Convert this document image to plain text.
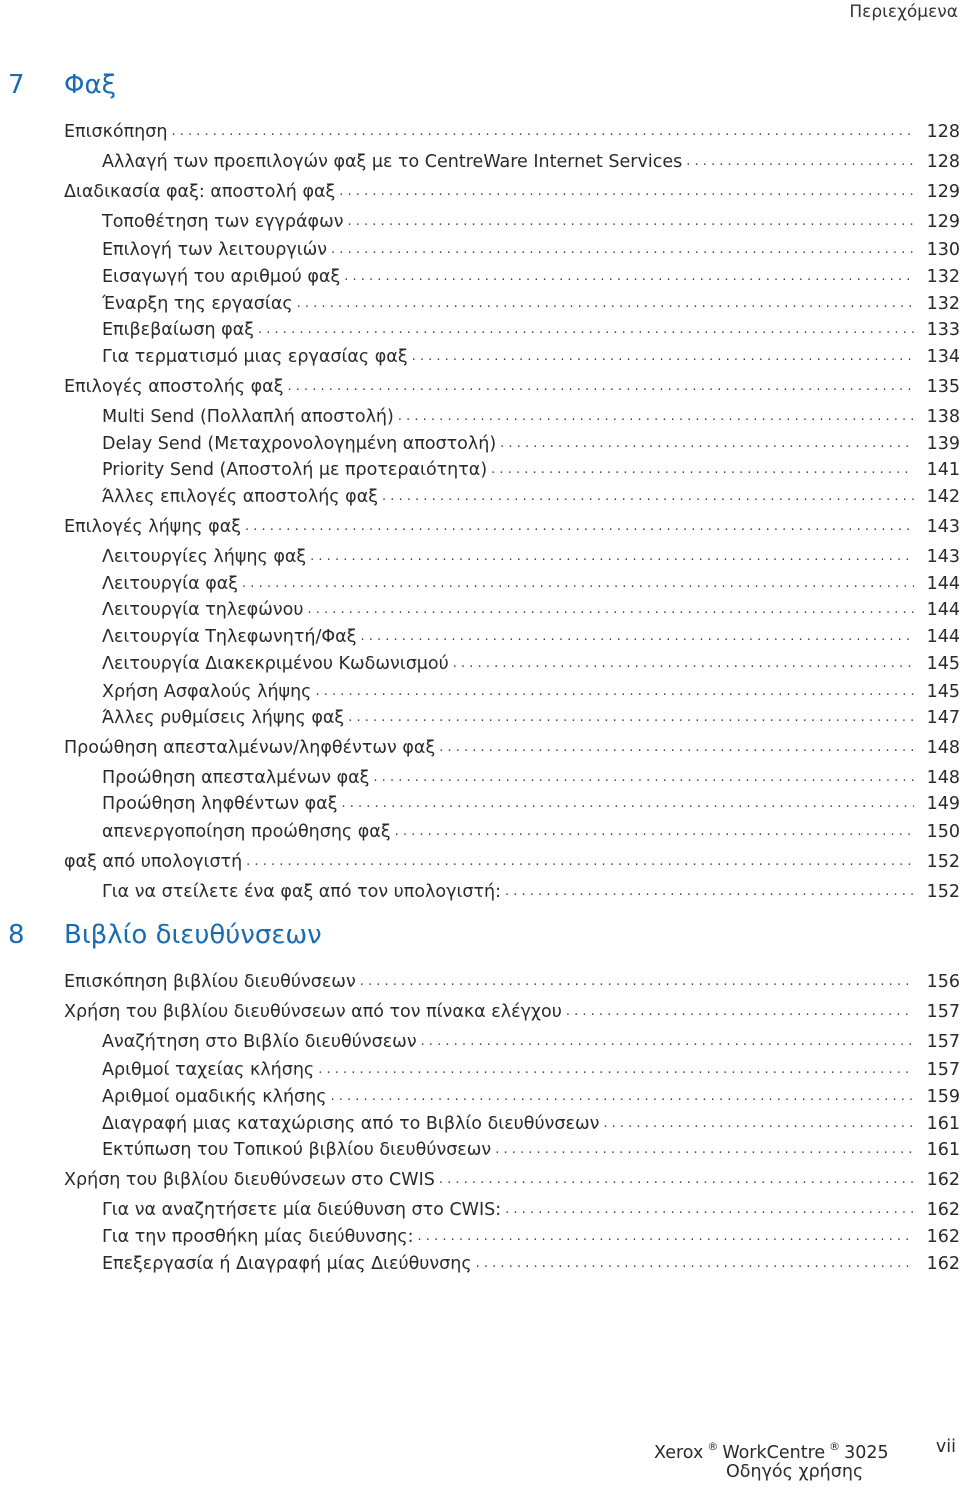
Περιεχόμενα
7 Φαξ
Επισκόπηση . . .	128
Αλλαγή των προεπιλογών φαξ με το CentreWare Internet Services . . .	128
Διαδικασία φαξ: αποστολή φαξ . . .	129
Τοποθέτηση των εγγράφων . . .	129
Επιλογή των λειτουργιών . . .	130
Εισαγωγή του αριθμού φαξ . . .	132
Έναρξη της εργασίας . . .	132
Επιβεβαίωση φαξ . . .	133
Για τερματισμό μιας εργασίας φαξ . . .	134
Επιλογές αποστολής φαξ . . .	135
Multi Send (Πολλαπλή αποστολή) . . .	138
Delay Send (Μεταχρονολογημένη αποστολή) . . .	139
Priority Send (Αποστολή με προτεραιότητα) . . .	141
Άλλες επιλογές αποστολής φαξ . . .	142
Επιλογές λήψης φαξ . . .	143
Λειτουργίες λήψης φαξ . . .	143
Λειτουργία φαξ . . .	144
Λειτουργία τηλεφώνου . . .	144
Λειτουργία Τηλεφωνητή/Φαξ . . .	144
Λειτουργία Διακεκριμένου Κωδωνισμού . . .	145
Χρήση Ασφαλούς λήψης . . .	145
Άλλες ρυθμίσεις λήψης φαξ . . .	147
Προώθηση απεσταλμένων/ληφθέντων φαξ . . .	148
Προώθηση απεσταλμένων φαξ . . .	148
Προώθηση ληφθέντων φαξ . . .	149
απενεργοποίηση προώθησης φαξ . . .	150
φαξ από υπολογιστή . . .	152
Για να στείλετε ένα φαξ από τον υπολογιστή: . . .	152
8 Βιβλίο διευθύνσεων
Επισκόπηση βιβλίου διευθύνσεων . . .	156
Χρήση του βιβλίου διευθύνσεων από τον πίνακα ελέγχου . . .	157
Αναζήτηση στο Βιβλίο διευθύνσεων . . .	157
Αριθμοί ταχείας κλήσης . . .	157
Αριθμοί ομαδικής κλήσης . . .	159
Διαγραφή μιας καταχώρισης από το Βιβλίο διευθύνσεων . . .	161
Εκτύπωση του Τοπικού βιβλίου διευθύνσεων . . .	161
Χρήση του βιβλίου διευθύνσεων στο CWIS . . .	162
Για να αναζητήσετε μία διεύθυνση στο CWIS: . . .	162
Για την προσθήκη μίας διεύθυνσης: . . .	162
Επεξεργασία ή Διαγραφή μίας Διεύθυνσης . . .	162
Xerox ® WorkCentre ® 3025
Οδηγός χρήσης
vii
